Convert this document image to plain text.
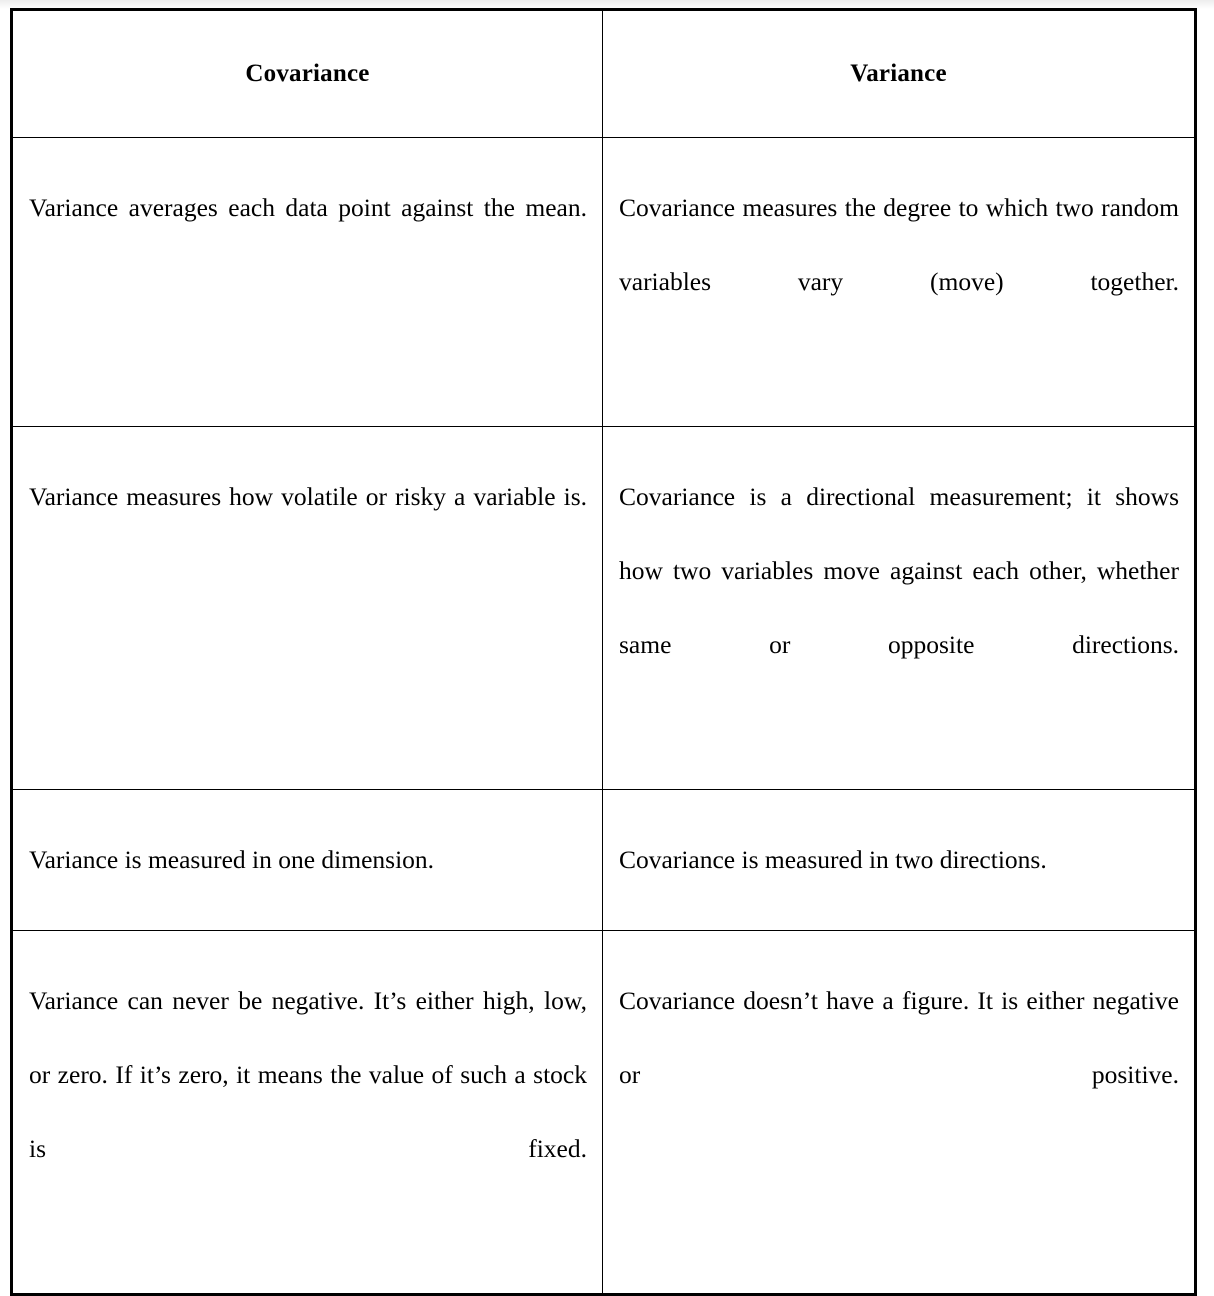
Covariance	Variance

Variance averages each data point against the mean.	Covariance measures the degree to which two random variables vary (move) together.

Variance measures how volatile or risky a variable is.	Covariance is a directional measurement; it shows how two variables move against each other, whether same or opposite directions.

Variance is measured in one dimension.	Covariance is measured in two directions.

Variance can never be negative. It’s either high, low, or zero. If it’s zero, it means the value of such a stock is fixed.	Covariance doesn’t have a figure. It is either negative or positive.
